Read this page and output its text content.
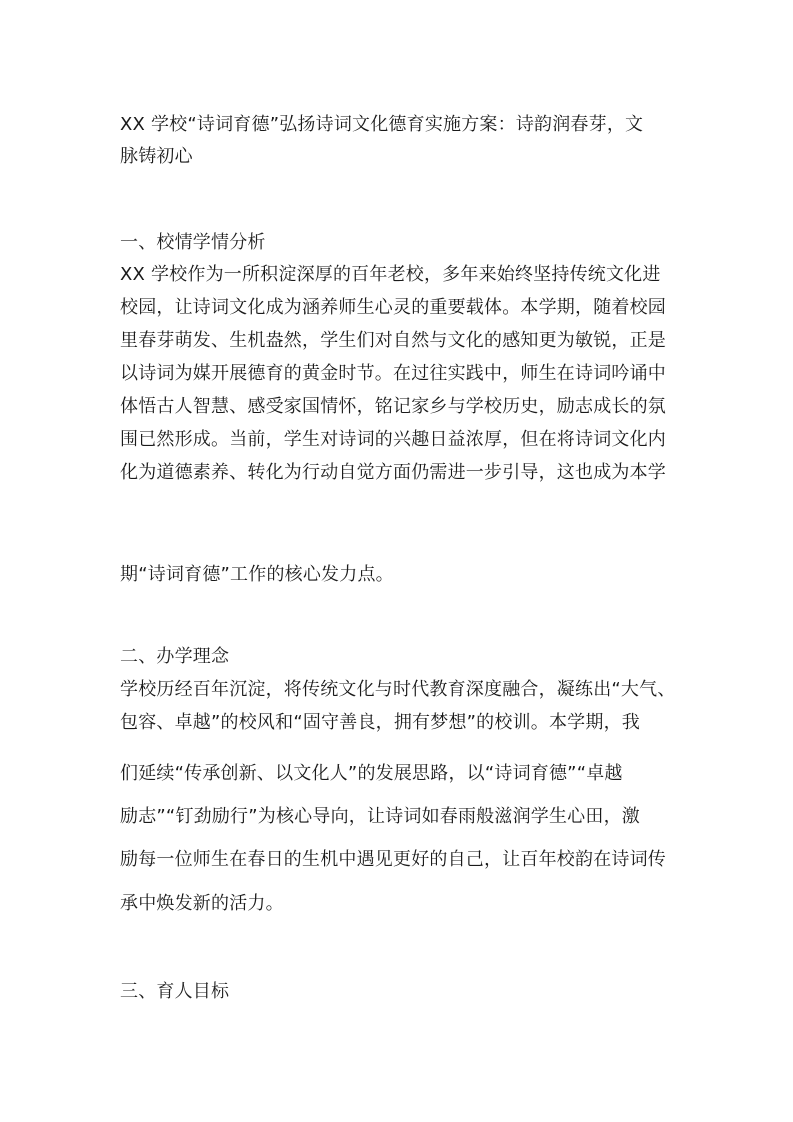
XX 学校“诗词育德”弘扬诗词文化德育实施方案：诗韵润春芽，文
脉铸初心
一、校情学情分析
XX 学校作为一所积淀深厚的百年老校，多年来始终坚持传统文化进
校园，让诗词文化成为涵养师生心灵的重要载体。本学期，随着校园
里春芽萌发、生机盎然，学生们对自然与文化的感知更为敏锐，正是
以诗词为媒开展德育的黄金时节。在过往实践中，师生在诗词吟诵中
体悟古人智慧、感受家国情怀，铭记家乡与学校历史，励志成长的氛
围已然形成。当前，学生对诗词的兴趣日益浓厚，但在将诗词文化内
化为道德素养、转化为行动自觉方面仍需进一步引导，这也成为本学
期“诗词育德”工作的核心发力点。
二、办学理念
学校历经百年沉淀，将传统文化与时代教育深度融合，凝练出“大气、
包容、卓越”的校风和“固守善良，拥有梦想”的校训。本学期，我
们延续“传承创新、以文化人”的发展思路，以“诗词育德”“卓越
励志”“钉劲励行”为核心导向，让诗词如春雨般滋润学生心田，激
励每一位师生在春日的生机中遇见更好的自己，让百年校韵在诗词传
承中焕发新的活力。
三、育人目标
